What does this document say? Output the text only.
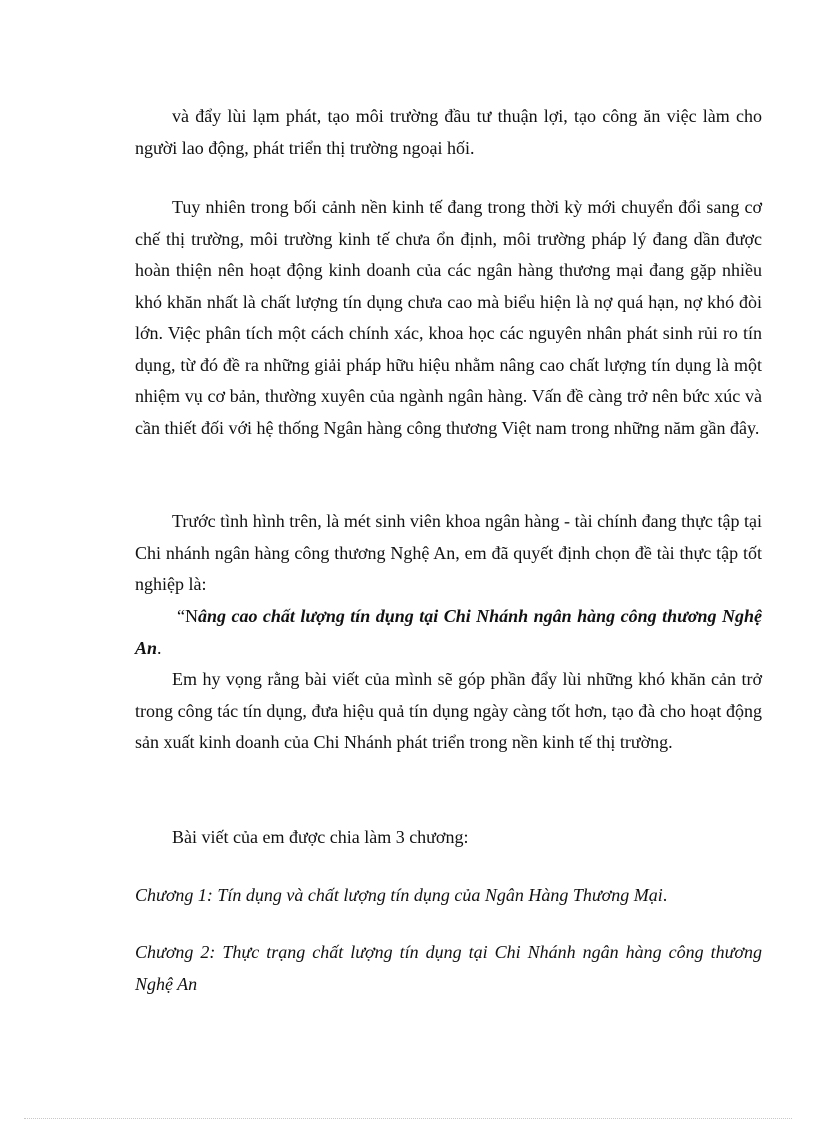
và đẩy lùi lạm phát, tạo môi trường đầu tư thuận lợi, tạo công ăn việc làm cho người lao động, phát triển thị trường ngoại hối.

Tuy nhiên trong bối cảnh nền kinh tế đang trong thời kỳ mới chuyển đổi sang cơ chế thị trường, môi trường kinh tế chưa ổn định, môi trường pháp lý đang dần được hoàn thiện nên hoạt động kinh doanh của các ngân hàng thương mại đang gặp nhiều khó khăn nhất là chất lượng tín dụng chưa cao mà biểu hiện là nợ quá hạn, nợ khó đòi lớn. Việc phân tích một cách chính xác, khoa học các nguyên nhân phát sinh rủi ro tín dụng, từ đó đề ra những giải pháp hữu hiệu nhằm nâng cao chất lượng tín dụng là một nhiệm vụ cơ bản, thường xuyên của ngành ngân hàng. Vấn đề càng trở nên bức xúc và cần thiết đối với hệ thống Ngân hàng công thương Việt nam trong những năm gần đây.

Trước tình hình trên, là mét sinh viên khoa ngân hàng - tài chính đang thực tập tại Chi nhánh ngân hàng công thương Nghệ An, em đã quyết định chọn đề tài thực tập tốt nghiệp là:

“Nâng cao chất lượng tín dụng tại Chi Nhánh ngân hàng công thương Nghệ An.

Em hy vọng rằng bài viết của mình sẽ góp phần đẩy lùi những khó khăn cản trở trong công tác tín dụng, đưa hiệu quả tín dụng ngày càng tốt hơn, tạo đà cho hoạt động sản xuất kinh doanh của Chi Nhánh phát triển trong nền kinh tế thị trường.

Bài viết của em được chia làm 3 chương:

Chương 1: Tín dụng và chất lượng tín dụng của Ngân Hàng Thương Mại.

Chương 2: Thực trạng chất lượng tín dụng tại Chi Nhánh ngân hàng công thương Nghệ An
